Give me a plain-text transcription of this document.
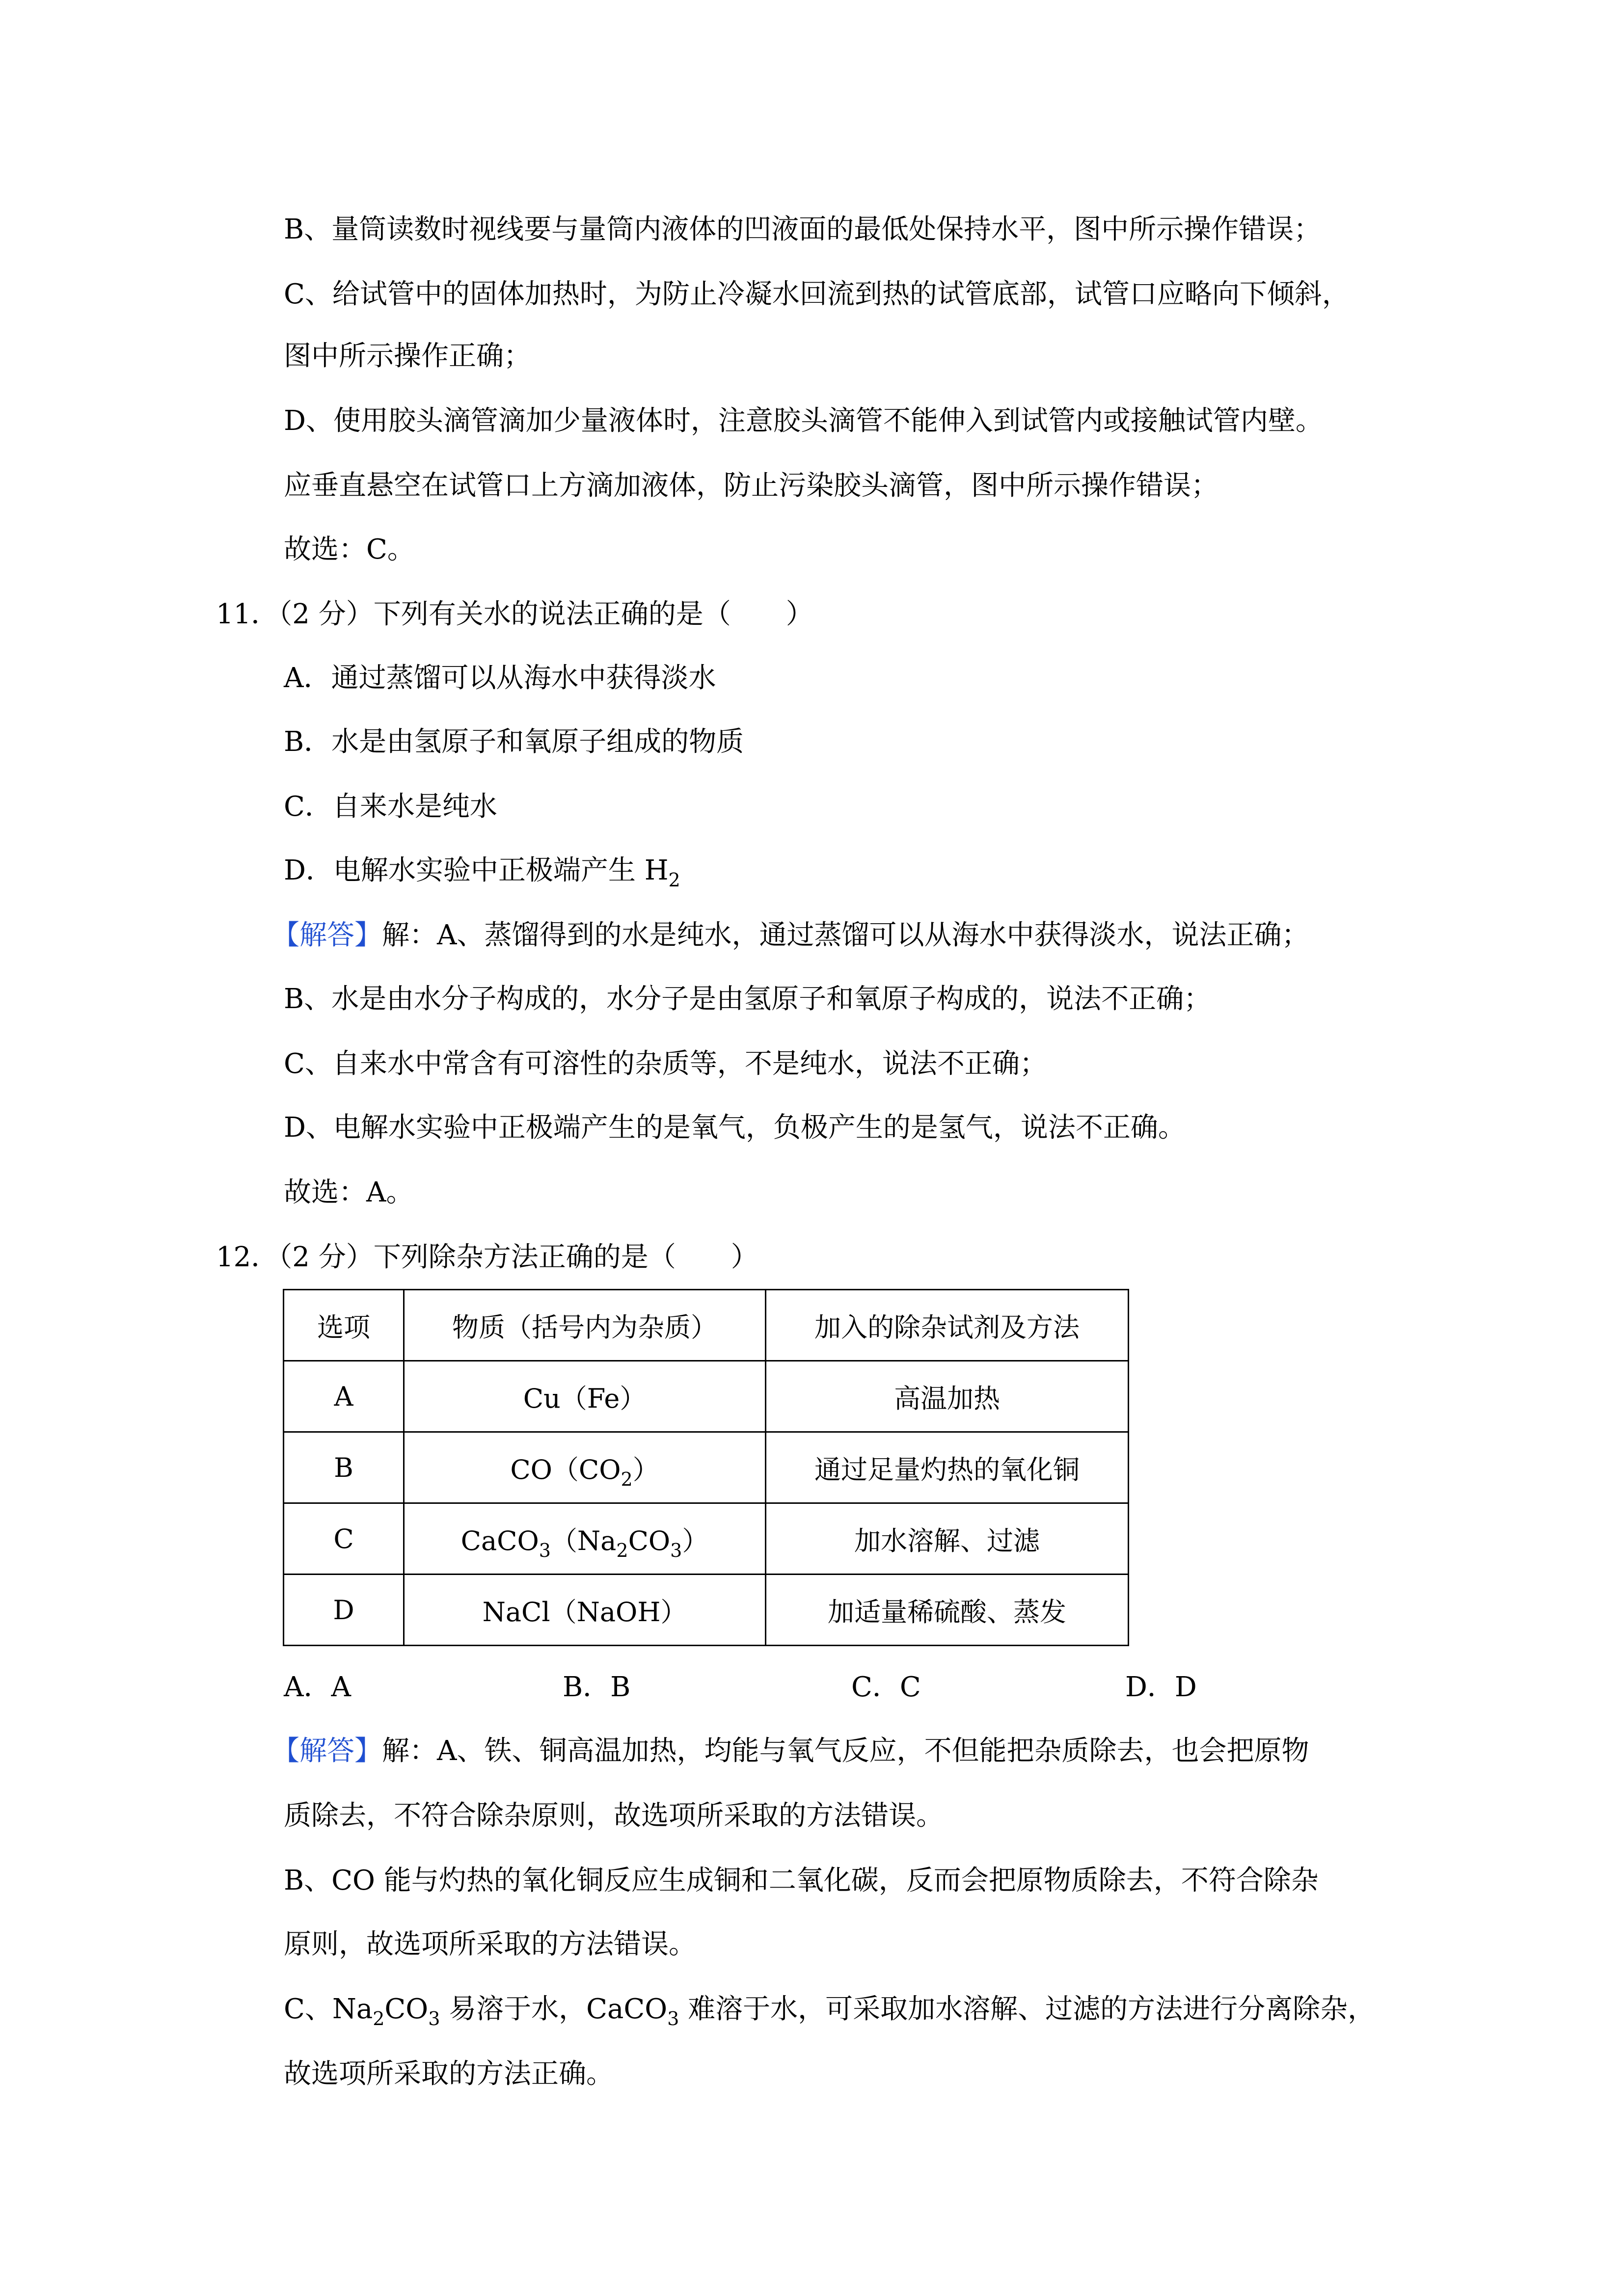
B、量筒读数时视线要与量筒内液体的凹液面的最低处保持水平，图中所示操作错误；
C、给试管中的固体加热时，为防止冷凝水回流到热的试管底部，试管口应略向下倾斜，
图中所示操作正确；
D、使用胶头滴管滴加少量液体时，注意胶头滴管不能伸入到试管内或接触试管内壁。
应垂直悬空在试管口上方滴加液体，防止污染胶头滴管，图中所示操作错误；
故选：C。
11．（2 分）下列有关水的说法正确的是（　　）
A．通过蒸馏可以从海水中获得淡水
B．水是由氢原子和氧原子组成的物质
C．自来水是纯水
D．电解水实验中正极端产生 $H_2$
【解答】解：A、蒸馏得到的水是纯水，通过蒸馏可以从海水中获得淡水，说法正确；
B、水是由水分子构成的，水分子是由氢原子和氧原子构成的，说法不正确；
C、自来水中常含有可溶性的杂质等，不是纯水，说法不正确；
D、电解水实验中正极端产生的是氧气，负极产生的是氢气，说法不正确。
故选：A。
12．（2 分）下列除杂方法正确的是（　　）
选项	物质（括号内为杂质）	加入的除杂试剂及方法
A	Cu（Fe）	高温加热
B	$CO(CO_2)$	通过足量灼热的氧化铜
C	$CaCO_3(Na_2CO_3)$	加水溶解、过滤
D	NaCl（NaOH）	加适量稀硫酸、蒸发
A．A	B．B	C．C	D．D
【解答】解：A、铁、铜高温加热，均能与氧气反应，不但能把杂质除去，也会把原物
质除去，不符合除杂原则，故选项所采取的方法错误。
B、CO 能与灼热的氧化铜反应生成铜和二氧化碳，反而会把原物质除去，不符合除杂
原则，故选项所采取的方法错误。
C、$Na_2CO_3$ 易溶于水，CaCO$_3$ 难溶于水，可采取加水溶解、过滤的方法进行分离除杂，
故选项所采取的方法正确。
